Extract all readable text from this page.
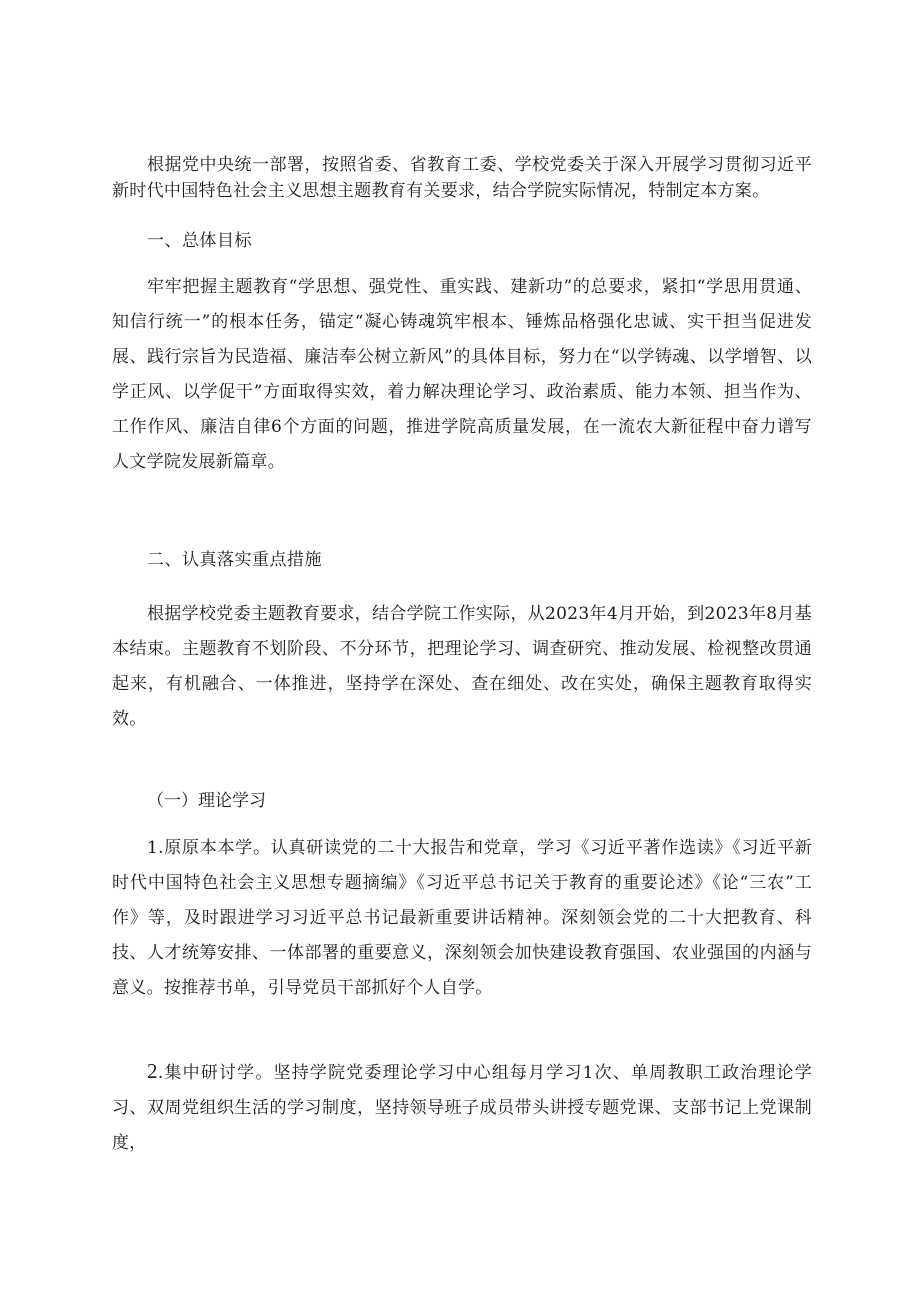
根据党中央统一部署，按照省委、省教育工委、学校党委关于深入开展学习贯彻习近平新时代中国特色社会主义思想主题教育有关要求，结合学院实际情况，特制定本方案。

一、总体目标

牢牢把握主题教育“学思想、强党性、重实践、建新功”的总要求，紧扣“学思用贯通、知信行统一”的根本任务，锚定“凝心铸魂筑牢根本、锤炼品格强化忠诚、实干担当促进发展、践行宗旨为民造福、廉洁奉公树立新风”的具体目标，努力在“以学铸魂、以学增智、以学正风、以学促干”方面取得实效，着力解决理论学习、政治素质、能力本领、担当作为、工作作风、廉洁自律6个方面的问题，推进学院高质量发展，在一流农大新征程中奋力谱写人文学院发展新篇章。

二、认真落实重点措施

根据学校党委主题教育要求，结合学院工作实际，从2023年4月开始，到2023年8月基本结束。主题教育不划阶段、不分环节，把理论学习、调查研究、推动发展、检视整改贯通起来，有机融合、一体推进，坚持学在深处、查在细处、改在实处，确保主题教育取得实效。

（一）理论学习

1.原原本本学。认真研读党的二十大报告和党章，学习《习近平著作选读》《习近平新时代中国特色社会主义思想专题摘编》《习近平总书记关于教育的重要论述》《论“三农”工作》等，及时跟进学习习近平总书记最新重要讲话精神。深刻领会党的二十大把教育、科技、人才统筹安排、一体部署的重要意义，深刻领会加快建设教育强国、农业强国的内涵与意义。按推荐书单，引导党员干部抓好个人自学。

2.集中研讨学。坚持学院党委理论学习中心组每月学习1次、单周教职工政治理论学习、双周党组织生活的学习制度，坚持领导班子成员带头讲授专题党课、支部书记上党课制度，
